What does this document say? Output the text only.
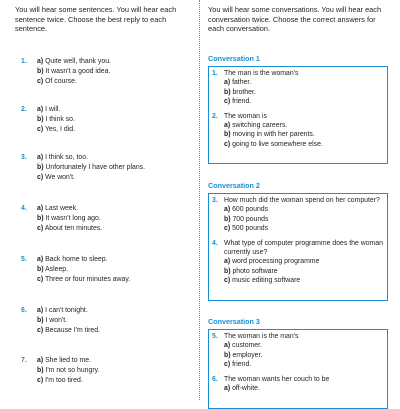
You will hear some sentences. You will hear each sentence twice. Choose the best reply to each sentence.

1. a) Quite well, thank you.
b) It wasn't a good idea.
c) Of course.
2. a) I will.
b) I think so.
c) Yes, I did.
3. a) I think so, too.
b) Unfortunately I have other plans.
c) We won't.
4. a) Last week.
b) It wasn't long ago.
c) About ten minutes.
5. a) Back home to sleep.
b) Asleep.
c) Three or four minutes away.
6. a) I can't tonight.
b) I won't.
c) Because I'm tired.
7. a) She lied to me.
b) I'm not so hungry.
c) I'm too tired.

You will hear some conversations. You will hear each conversation twice. Choose the correct answers for each conversation.

Conversation 1
1. The man is the woman's
a) father.
b) brother.
c) friend.
2. The woman is
a) switching careers.
b) moving in with her parents.
c) going to live somewhere else.
Conversation 2
3. How much did the woman spend on her computer?
a) 600 pounds
b) 700 pounds
c) 500 pounds
4. What type of computer programme does the woman currently use?
a) word processing programme
b) photo software
c) music editing software
Conversation 3
5. The woman is the man's
a) customer.
b) employer.
c) friend.
6. The woman wants her couch to be
a) off-white.
